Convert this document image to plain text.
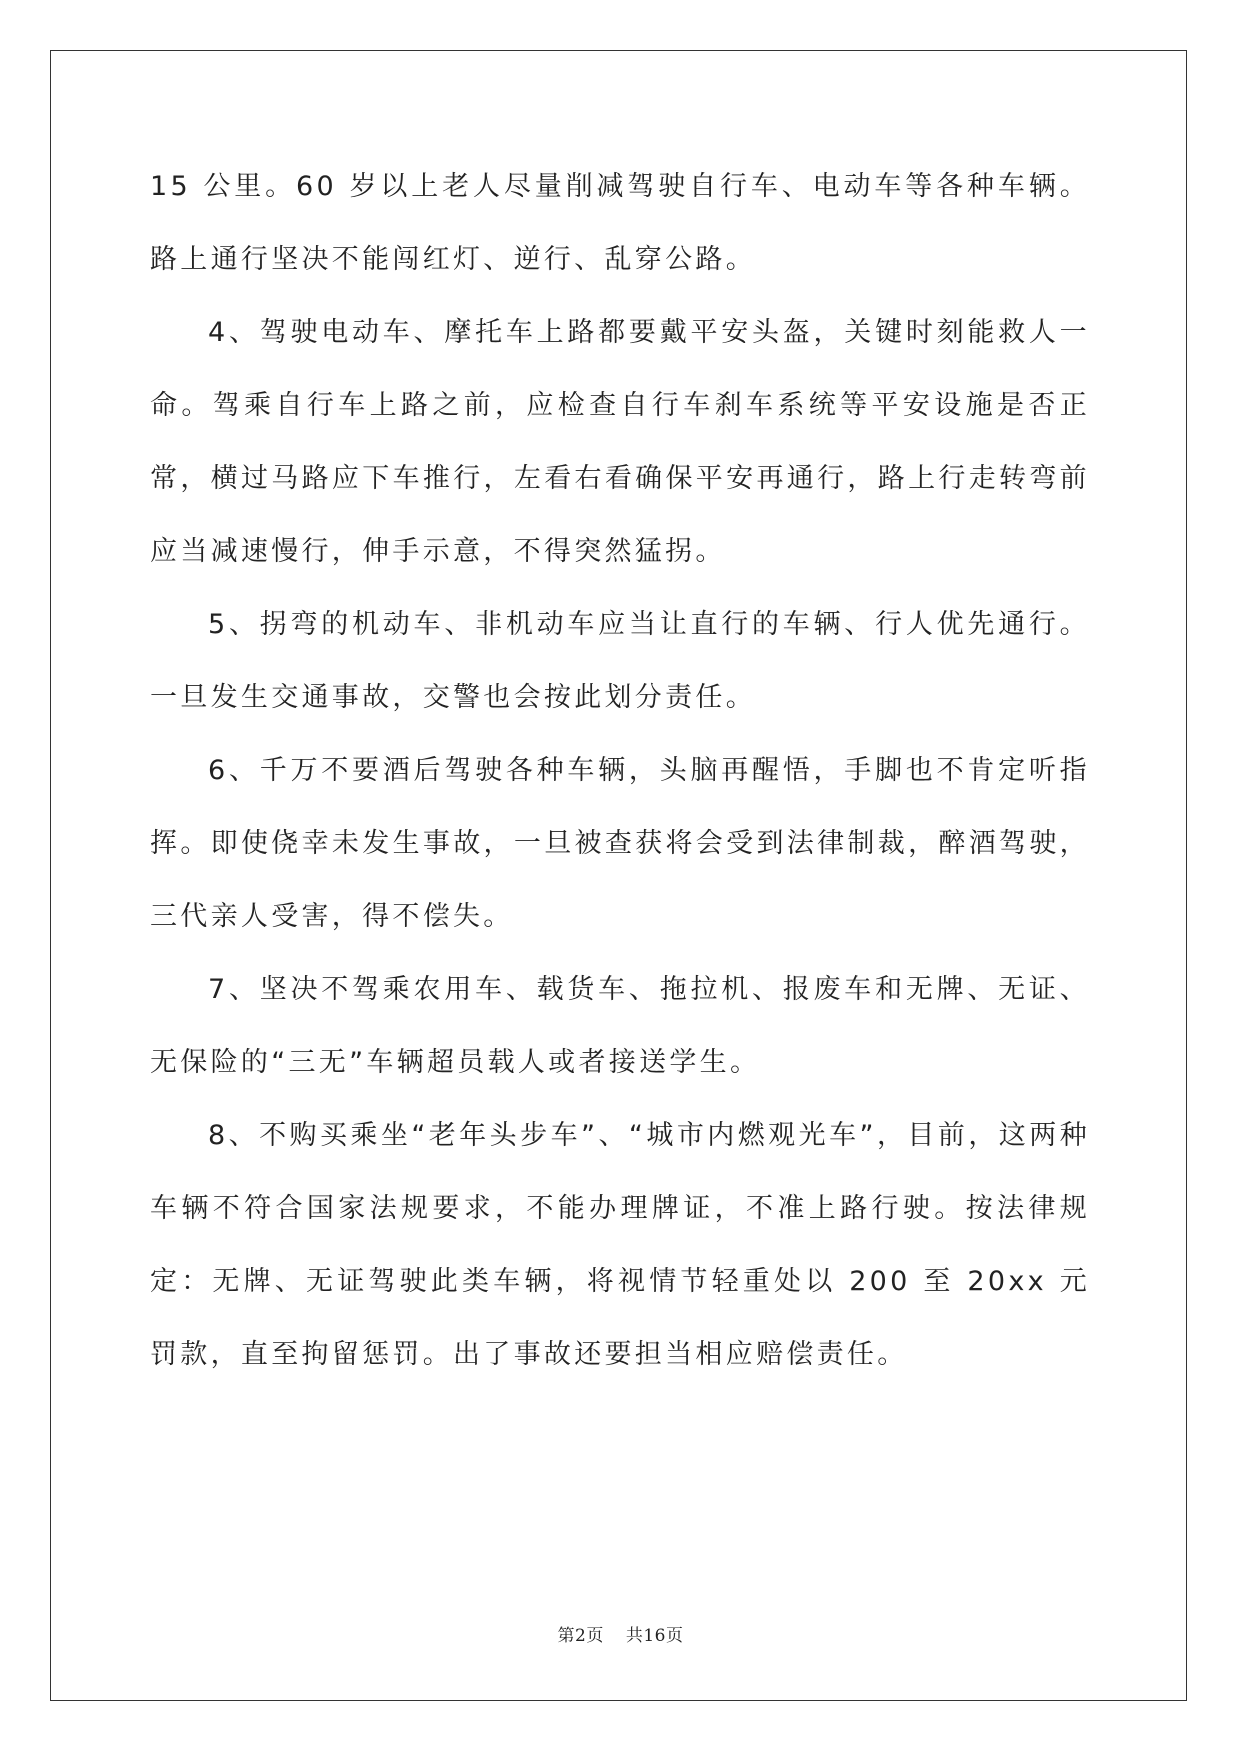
15 公里。60 岁以上老人尽量削减驾驶自行车、电动车等各种车辆。路上通行坚决不能闯红灯、逆行、乱穿公路。

4、驾驶电动车、摩托车上路都要戴平安头盔，关键时刻能救人一命。驾乘自行车上路之前，应检查自行车刹车系统等平安设施是否正常，横过马路应下车推行，左看右看确保平安再通行，路上行走转弯前应当减速慢行，伸手示意，不得突然猛拐。

5、拐弯的机动车、非机动车应当让直行的车辆、行人优先通行。一旦发生交通事故，交警也会按此划分责任。

6、千万不要酒后驾驶各种车辆，头脑再醒悟，手脚也不肯定听指挥。即使侥幸未发生事故，一旦被查获将会受到法律制裁，醉酒驾驶，三代亲人受害，得不偿失。

7、坚决不驾乘农用车、载货车、拖拉机、报废车和无牌、无证、无保险的“三无”车辆超员载人或者接送学生。

8、不购买乘坐“老年头步车”、“城市内燃观光车”，目前，这两种车辆不符合国家法规要求，不能办理牌证，不准上路行驶。按法律规定：无牌、无证驾驶此类车辆，将视情节轻重处以 200 至 20xx 元罚款，直至拘留惩罚。出了事故还要担当相应赔偿责任。

第2页 共16页
